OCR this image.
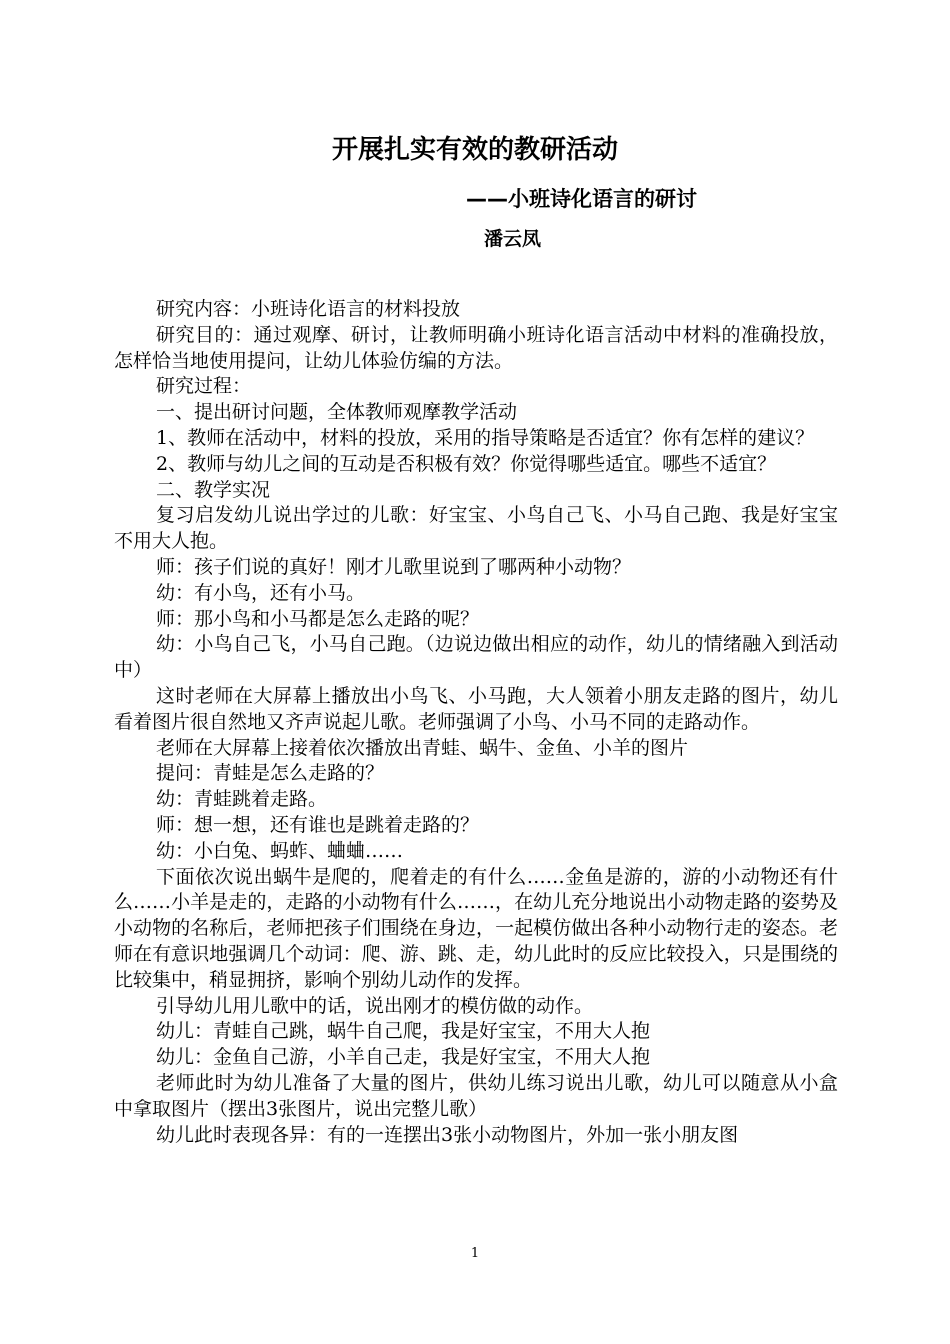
开展扎实有效的教研活动
——小班诗化语言的研讨
潘云凤

研究内容：小班诗化语言的材料投放

研究目的：通过观摩、研讨，让教师明确小班诗化语言活动中材料的准确投放，怎样恰当地使用提问，让幼儿体验仿编的方法。

研究过程：

一、提出研讨问题，全体教师观摩教学活动

1、教师在活动中，材料的投放，采用的指导策略是否适宜？你有怎样的建议？

2、教师与幼儿之间的互动是否积极有效？你觉得哪些适宜。哪些不适宜？

二、教学实况

复习启发幼儿说出学过的儿歌：好宝宝、小鸟自己飞、小马自己跑、我是好宝宝不用大人抱。

师：孩子们说的真好！刚才儿歌里说到了哪两种小动物？

幼：有小鸟，还有小马。

师：那小鸟和小马都是怎么走路的呢？

幼：小鸟自己飞，小马自己跑。（边说边做出相应的动作，幼儿的情绪融入到活动中）

这时老师在大屏幕上播放出小鸟飞、小马跑，大人领着小朋友走路的图片，幼儿看着图片很自然地又齐声说起儿歌。老师强调了小鸟、小马不同的走路动作。

老师在大屏幕上接着依次播放出青蛙、蜗牛、金鱼、小羊的图片

提问：青蛙是怎么走路的？

幼：青蛙跳着走路。

师：想一想，还有谁也是跳着走路的？

幼：小白兔、蚂蚱、蛐蛐……

下面依次说出蜗牛是爬的，爬着走的有什么……金鱼是游的，游的小动物还有什么……小羊是走的，走路的小动物有什么……，在幼儿充分地说出小动物走路的姿势及小动物的名称后，老师把孩子们围绕在身边，一起模仿做出各种小动物行走的姿态。老师在有意识地强调几个动词：爬、游、跳、走，幼儿此时的反应比较投入，只是围绕的比较集中，稍显拥挤，影响个别幼儿动作的发挥。

引导幼儿用儿歌中的话，说出刚才的模仿做的动作。

幼儿：青蛙自己跳，蜗牛自己爬，我是好宝宝，不用大人抱

幼儿：金鱼自己游，小羊自己走，我是好宝宝，不用大人抱

老师此时为幼儿准备了大量的图片，供幼儿练习说出儿歌，幼儿可以随意从小盒中拿取图片（摆出3张图片，说出完整儿歌）

幼儿此时表现各异：有的一连摆出3张小动物图片，外加一张小朋友图

1
